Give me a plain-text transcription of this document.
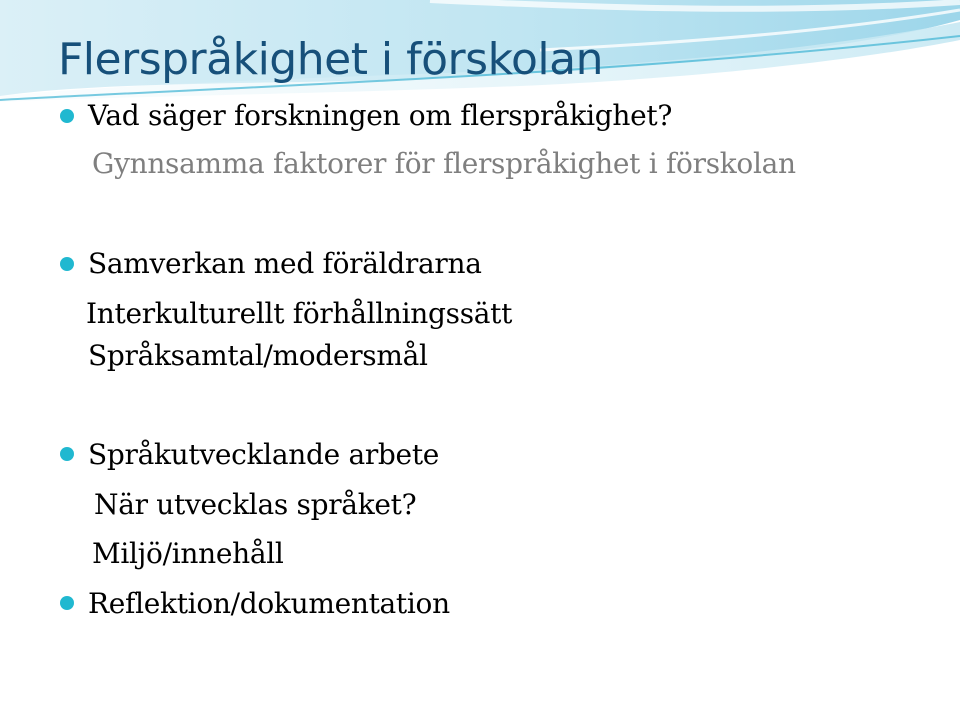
Flerspråkighet i förskolan
Vad säger forskningen om flerspråkighet?
Gynnsamma faktorer för flerspråkighet i förskolan
Samverkan med föräldrarna
Interkulturellt förhållningssätt
Språksamtal/modersmål
Språkutvecklande arbete
När utvecklas språket?
Miljö/innehåll
Reflektion/dokumentation
